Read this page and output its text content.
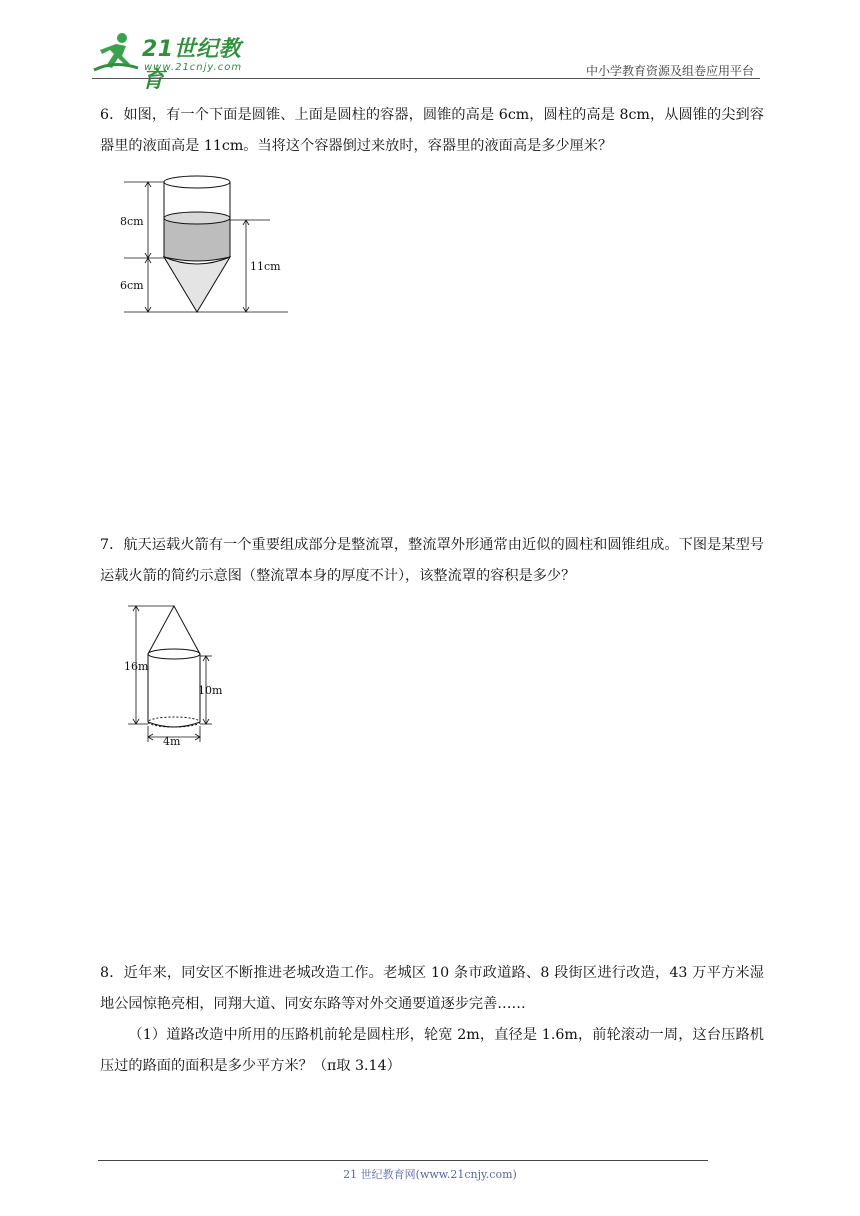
21世纪教育
www.21cnjy.com	中小学教育资源及组卷应用平台

6．如图，有一个下面是圆锥、上面是圆柱的容器，圆锥的高是 6cm，圆柱的高是 8cm，从圆锥的尖到容器里的液面高是 11cm。当将这个容器倒过来放时，容器里的液面高是多少厘米？

8cm
6cm
11cm

7．航天运载火箭有一个重要组成部分是整流罩，整流罩外形通常由近似的圆柱和圆锥组成。下图是某型号运载火箭的简约示意图（整流罩本身的厚度不计），该整流罩的容积是多少？

16m
10m
4m

8．近年来，同安区不断推进老城改造工作。老城区 10 条市政道路、8 段街区进行改造，43 万平方米湿地公园惊艳亮相，同翔大道、同安东路等对外交通要道逐步完善……

（1）道路改造中所用的压路机前轮是圆柱形，轮宽 2m，直径是 1.6m，前轮滚动一周，这台压路机压过的路面的面积是多少平方米？（π取 3.14）

21 世纪教育网(www.21cnjy.com)
